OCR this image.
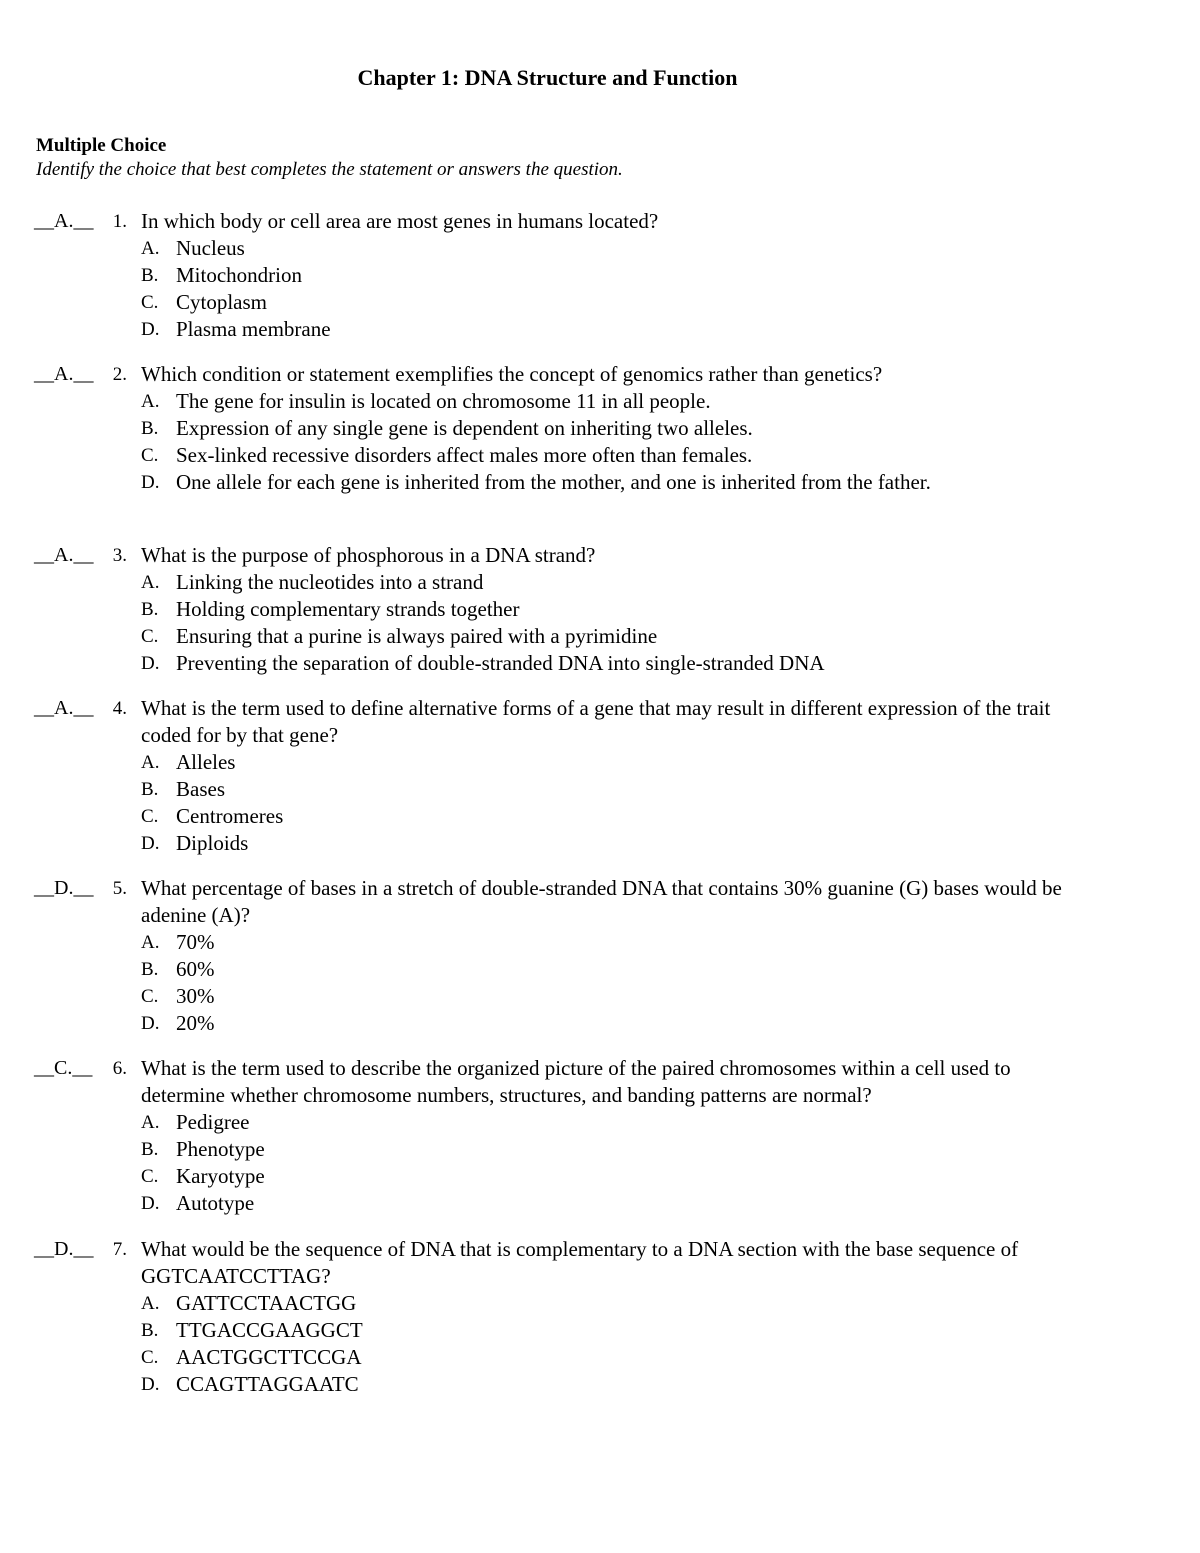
Chapter 1: DNA Structure and Function
Multiple Choice
Identify the choice that best completes the statement or answers the question.
__A.__	1. In which body or cell area are most genes in humans located?
A. Nucleus
B. Mitochondrion
C. Cytoplasm
D. Plasma membrane
__A.__	2. Which condition or statement exemplifies the concept of genomics rather than genetics?
A. The gene for insulin is located on chromosome 11 in all people.
B. Expression of any single gene is dependent on inheriting two alleles.
C. Sex-linked recessive disorders affect males more often than females.
D. One allele for each gene is inherited from the mother, and one is inherited from the father.
__A.__	3. What is the purpose of phosphorous in a DNA strand?
A. Linking the nucleotides into a strand
B. Holding complementary strands together
C. Ensuring that a purine is always paired with a pyrimidine
D. Preventing the separation of double-stranded DNA into single-stranded DNA
__A.__	4. What is the term used to define alternative forms of a gene that may result in different expression of the trait coded for by that gene?
A. Alleles
B. Bases
C. Centromeres
D. Diploids
__D.__	5. What percentage of bases in a stretch of double-stranded DNA that contains 30% guanine (G) bases would be adenine (A)?
A. 70%
B. 60%
C. 30%
D. 20%
__C.__	6. What is the term used to describe the organized picture of the paired chromosomes within a cell used to determine whether chromosome numbers, structures, and banding patterns are normal?
A. Pedigree
B. Phenotype
C. Karyotype
D. Autotype
__D.__	7. What would be the sequence of DNA that is complementary to a DNA section with the base sequence of GGTCAATCCTTAG?
A. GATTCCTAACTGG
B. TTGACCGAAGGCT
C. AACTGGCTTCCGA
D. CCAGTTAGGAATC
